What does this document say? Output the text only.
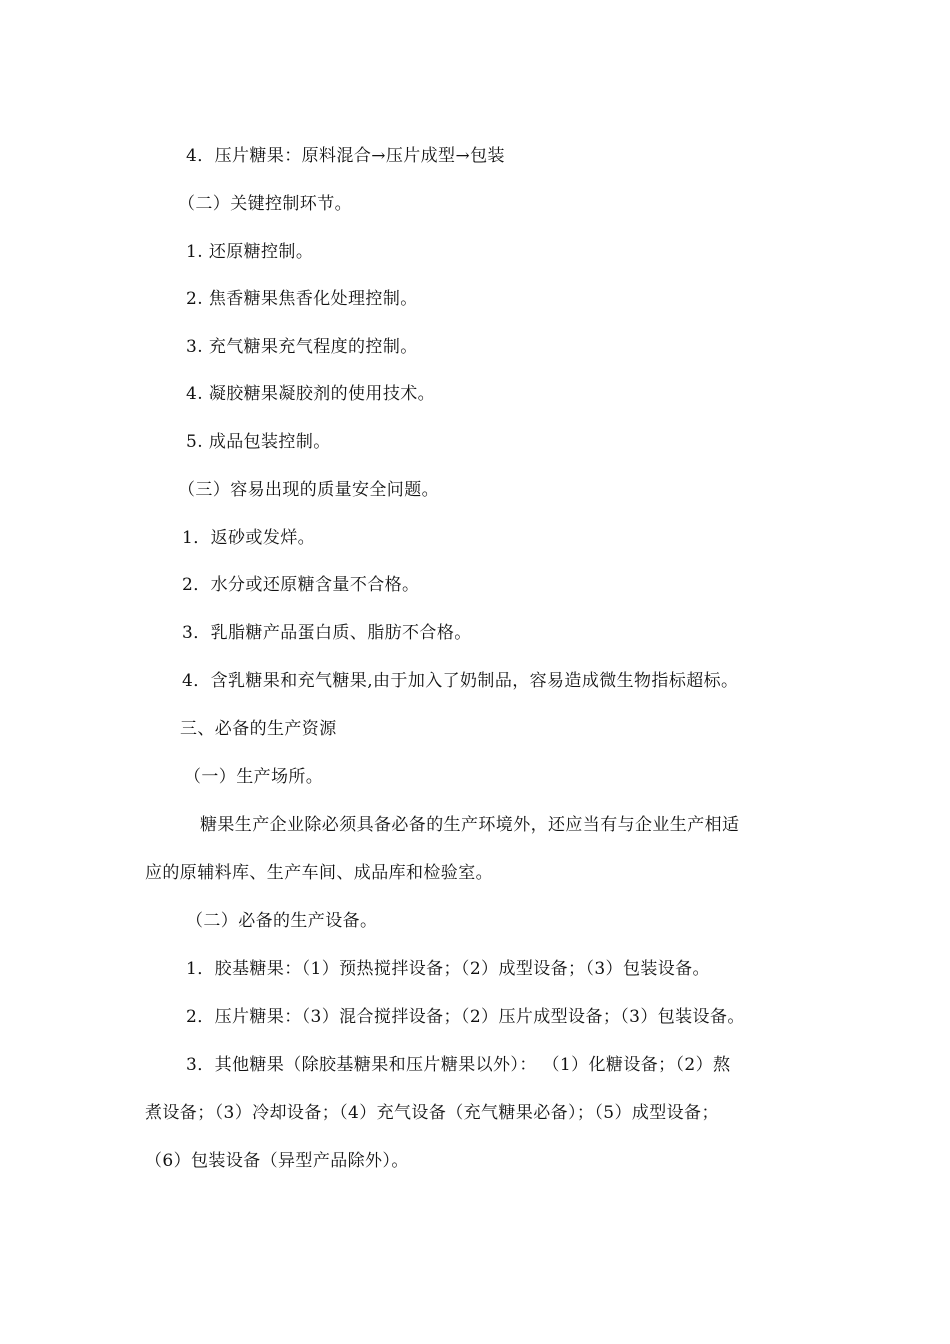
4．压片糖果：原料混合→压片成型→包装
（二）关键控制环节。
1. 还原糖控制。
2. 焦香糖果焦香化处理控制。
3. 充气糖果充气程度的控制。
4. 凝胶糖果凝胶剂的使用技术。
5. 成品包装控制。
（三）容易出现的质量安全问题。
1．返砂或发烊。
2．水分或还原糖含量不合格。
3．乳脂糖产品蛋白质、脂肪不合格。
4．含乳糖果和充气糖果,由于加入了奶制品，容易造成微生物指标超标。
三、必备的生产资源
（一）生产场所。
糖果生产企业除必须具备必备的生产环境外，还应当有与企业生产相适
应的原辅料库、生产车间、成品库和检验室。
（二）必备的生产设备。
1．胶基糖果：（1）预热搅拌设备；（2）成型设备；（3）包装设备。
2．压片糖果：（3）混合搅拌设备；（2）压片成型设备；（3）包装设备。
3．其他糖果（除胶基糖果和压片糖果以外）： （1）化糖设备；（2）熬
煮设备；（3）冷却设备；（4）充气设备（充气糖果必备）；（5）成型设备；
（6）包装设备（异型产品除外）。
